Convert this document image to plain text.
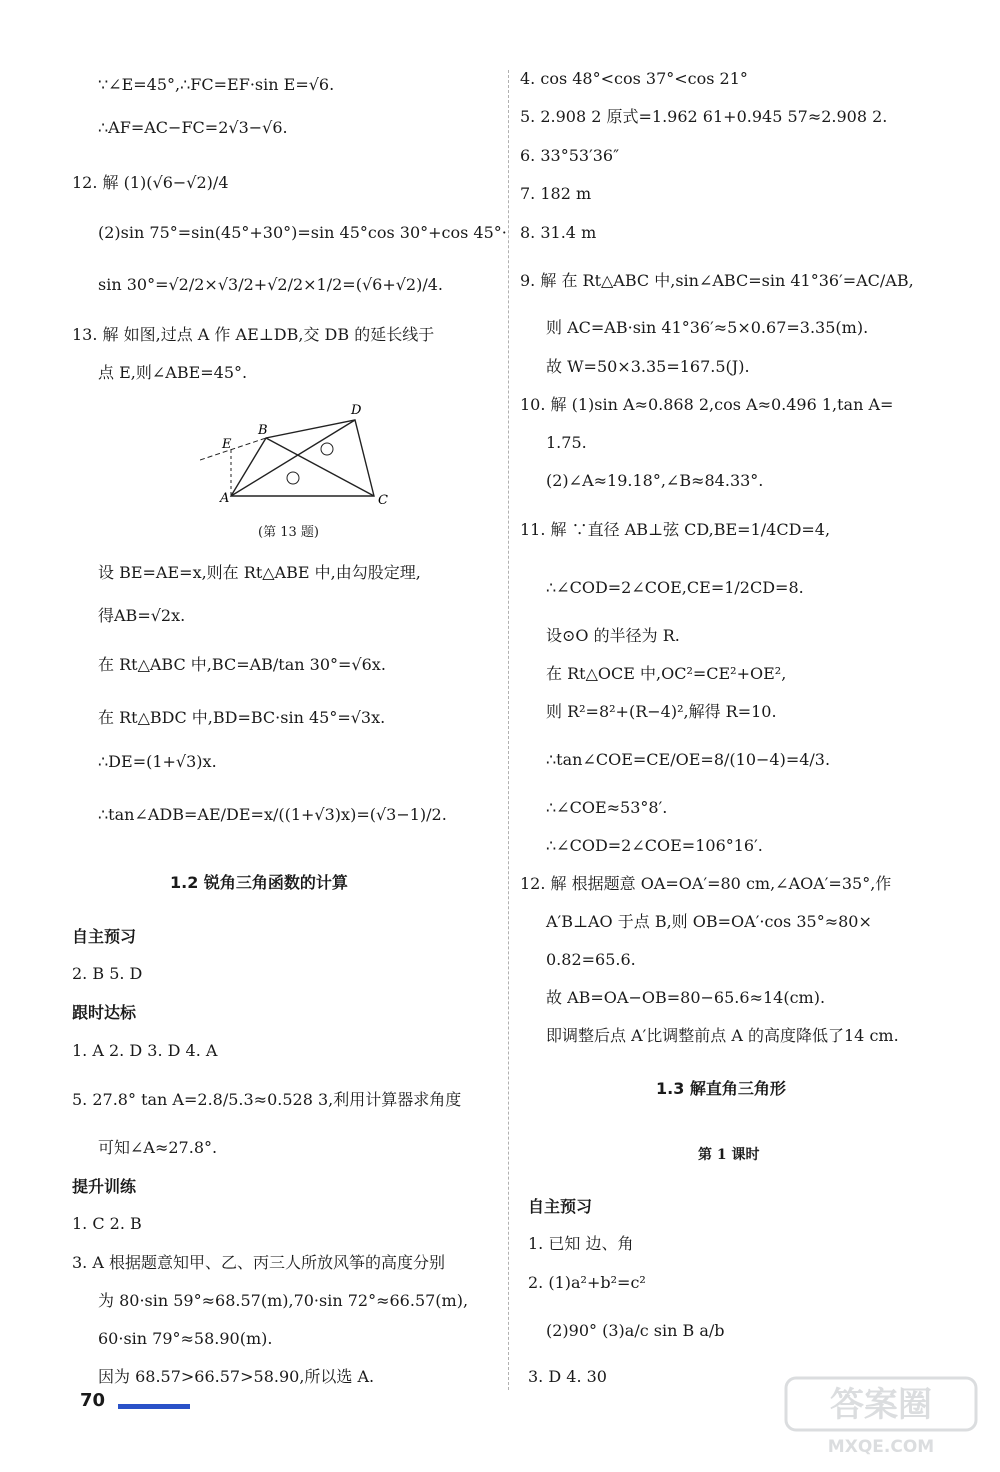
∵∠E=45°,∴FC=EF·sin E=√6.
∴AF=AC−FC=2√3−√6.
12. 解 (1)(√6−√2)/4
(2)sin 75°=sin(45°+30°)=sin 45°cos 30°+cos 45°·
sin 30°=√2/2×√3/2+√2/2×1/2=(√6+√2)/4.
13. 解 如图,过点 A 作 AE⊥DB,交 DB 的延长线于
点 E,则∠ABE=45°.
A
B
C
D
E
(第 13 题)
设 BE=AE=x,则在 Rt△ABE 中,由勾股定理,
得AB=√2x.
在 Rt△ABC 中,BC=AB/tan 30°=√6x.
在 Rt△BDC 中,BD=BC·sin 45°=√3x.
∴DE=(1+√3)x.
∴tan∠ADB=AE/DE=x/((1+√3)x)=(√3−1)/2.
1.2 锐角三角函数的计算
自主预习
2. B 5. D
跟时达标
1. A 2. D 3. D 4. A
5. 27.8° tan A=2.8/5.3≈0.528 3,利用计算器求角度
可知∠A≈27.8°.
提升训练
1. C 2. B
3. A 根据题意知甲、乙、丙三人所放风筝的高度分别
为 80·sin 59°≈68.57(m),70·sin 72°≈66.57(m),
60·sin 79°≈58.90(m).
因为 68.57>66.57>58.90,所以选 A.
4. cos 48°<cos 37°<cos 21°
5. 2.908 2 原式=1.962 61+0.945 57≈2.908 2.
6. 33°53′36″
7. 182 m
8. 31.4 m
9. 解 在 Rt△ABC 中,sin∠ABC=sin 41°36′=AC/AB,
则 AC=AB·sin 41°36′≈5×0.67=3.35(m).
故 W=50×3.35=167.5(J).
10. 解 (1)sin A≈0.868 2,cos A≈0.496 1,tan A=
1.75.
(2)∠A≈19.18°,∠B≈84.33°.
11. 解 ∵直径 AB⊥弦 CD,BE=1/4CD=4,
∴∠COD=2∠COE,CE=1/2CD=8.
设⊙O 的半径为 R.
在 Rt△OCE 中,OC²=CE²+OE²,
则 R²=8²+(R−4)²,解得 R=10.
∴tan∠COE=CE/OE=8/(10−4)=4/3.
∴∠COE≈53°8′.
∴∠COD=2∠COE=106°16′.
12. 解 根据题意 OA=OA′=80 cm,∠AOA′=35°,作
A′B⊥AO 于点 B,则 OB=OA′·cos 35°≈80×
0.82=65.6.
故 AB=OA−OB=80−65.6≈14(cm).
即调整后点 A′比调整前点 A 的高度降低了14 cm.
1.3 解直角三角形
第 1 课时
自主预习
1. 已知 边、角
2. (1)a²+b²=c²
(2)90° (3)a/c sin B a/b
3. D 4. 30
70	答案圈
MXQE.COM
